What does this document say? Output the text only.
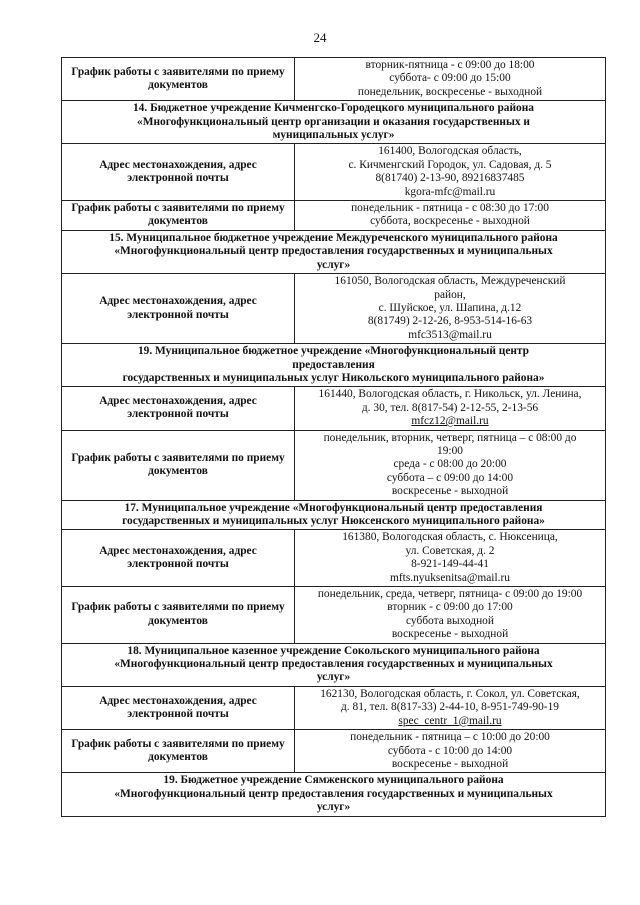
24
График работы с заявителями по приему документов	вторник-пятница - с 09:00 до 18:00
суббота- с 09:00 до 15:00
понедельник, воскресенье - выходной

14. Бюджетное учреждение Кичменгско-Городецкого муниципального района
«Многофункциональный центр организации и оказания государственных и
муниципальных услуг»	

Адрес местонахождения, адрес электронной почты	161400, Вологодская область,
с. Кичменгский Городок, ул. Садовая, д. 5
8(81740) 2-13-90, 89216837485
kgora-mfc@mail.ru

График работы с заявителями по приему документов	понедельник - пятница - с 08:30 до 17:00
суббота, воскресенье - выходной

15. Муниципальное бюджетное учреждение Междуреченского муниципального района
«Многофункциональный центр предоставления государственных и муниципальных
услуг»	

Адрес местонахождения, адрес электронной почты	161050, Вологодская область, Междуреченский
район,
с. Шуйское, ул. Шапина, д.12
8(81749) 2-12-26, 8-953-514-16-63
mfc3513@mail.ru

19. Муниципальное бюджетное учреждение «Многофункциональный центр
предоставления
государственных и муниципальных услуг Никольского муниципального района»	

Адрес местонахождения, адрес электронной почты	161440, Вологодская область, г. Никольск, ул. Ленина,
д. 30, тел. 8(817-54) 2-12-55, 2-13-56
mfcz12@mail.ru

График работы с заявителями по приему документов	понедельник, вторник, четверг, пятница – с 08:00 до
19:00
среда - с 08:00 до 20:00
суббота – с 09:00 до 14:00
воскресенье - выходной

17. Муниципальное учреждение «Многофункциональный центр предоставления
государственных и муниципальных услуг Нюксенского муниципального района»	

Адрес местонахождения, адрес электронной почты	161380, Вологодская область, с. Нюксеница,
ул. Советская, д. 2
8-921-149-44-41
mfts.nyuksenitsa@mail.ru

График работы с заявителями по приему документов	понедельник, среда, четверг, пятница- с 09:00 до 19:00
вторник - с 09:00 до 17:00
суббота выходной
воскресенье - выходной

18. Муниципальное казенное учреждение Сокольского муниципального района
«Многофункциональный центр предоставления государственных и муниципальных
услуг»	

Адрес местонахождения, адрес электронной почты	162130, Вологодская область, г. Сокол, ул. Советская,
д. 81, тел. 8(817-33) 2-44-10, 8-951-749-90-19
spec_centr_1@mail.ru

График работы с заявителями по приему документов	понедельник - пятница – с 10:00 до 20:00
суббота - с 10:00 до 14:00
воскресенье - выходной

19. Бюджетное учреждение Сямженского муниципального района
«Многофункциональный центр предоставления государственных и муниципальных
услуг»	
